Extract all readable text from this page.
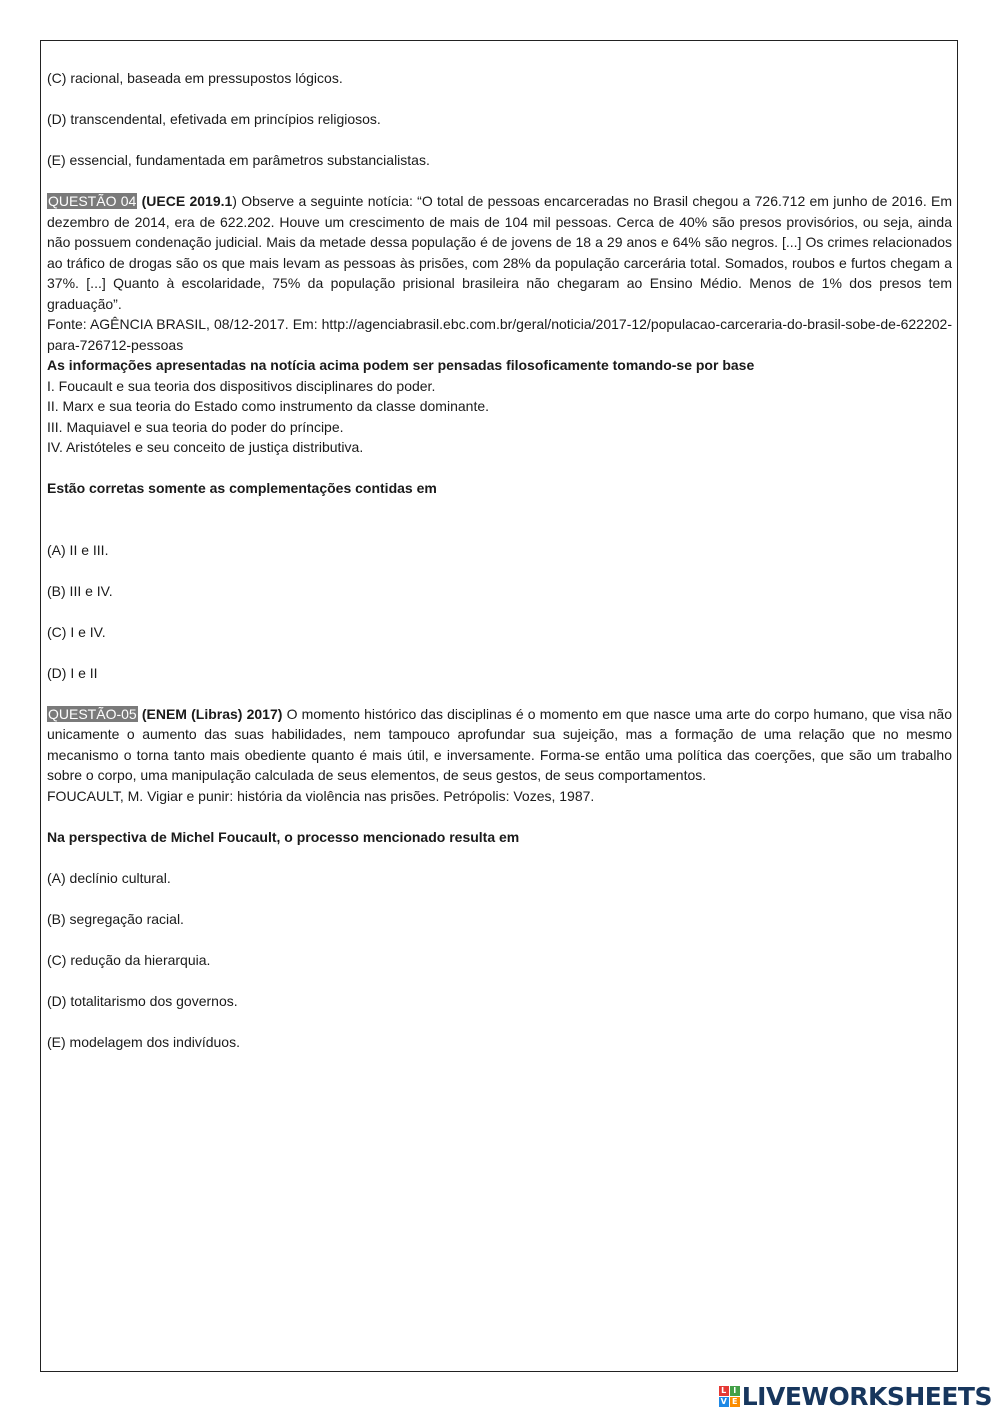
(C) racional, baseada em pressupostos lógicos.

(D) transcendental, efetivada em princípios religiosos.

(E) essencial, fundamentada em parâmetros substancialistas.

QUESTÃO 04 (UECE 2019.1) Observe a seguinte notícia: “O total de pessoas encarceradas no Brasil chegou a 726.712 em junho de 2016. Em dezembro de 2014, era de 622.202. Houve um crescimento de mais de 104 mil pessoas. Cerca de 40% são presos provisórios, ou seja, ainda não possuem condenação judicial. Mais da metade dessa população é de jovens de 18 a 29 anos e 64% são negros. [...] Os crimes relacionados ao tráfico de drogas são os que mais levam as pessoas às prisões, com 28% da população carcerária total. Somados, roubos e furtos chegam a 37%. [...] Quanto à escolaridade, 75% da população prisional brasileira não chegaram ao Ensino Médio. Menos de 1% dos presos tem graduação”.

Fonte: AGÊNCIA BRASIL, 08/12-2017. Em: http://agenciabrasil.ebc.com.br/geral/noticia/2017-12/populacao-carceraria-do-brasil-sobe-de-622202-para-726712-pessoas

As informações apresentadas na notícia acima podem ser pensadas filosoficamente tomando-se por base

I. Foucault e sua teoria dos dispositivos disciplinares do poder.

II. Marx e sua teoria do Estado como instrumento da classe dominante.

III. Maquiavel e sua teoria do poder do príncipe.

IV. Aristóteles e seu conceito de justiça distributiva.

Estão corretas somente as complementações contidas em

(A) II e III.

(B) III e IV.

(C) I e IV.

(D) I e II

QUESTÃO-05 (ENEM (Libras) 2017) O momento histórico das disciplinas é o momento em que nasce uma arte do corpo humano, que visa não unicamente o aumento das suas habilidades, nem tampouco aprofundar sua sujeição, mas a formação de uma relação que no mesmo mecanismo o torna tanto mais obediente quanto é mais útil, e inversamente. Forma-se então uma política das coerções, que são um trabalho sobre o corpo, uma manipulação calculada de seus elementos, de seus gestos, de seus comportamentos.

FOUCAULT, M. Vigiar e punir: história da violência nas prisões. Petrópolis: Vozes, 1987.

Na perspectiva de Michel Foucault, o processo mencionado resulta em

(A) declínio cultural.

(B) segregação racial.

(C) redução da hierarquia.

(D) totalitarismo dos governos.

(E) modelagem dos indivíduos.

L I
V E LIVEWORKSHEETS
